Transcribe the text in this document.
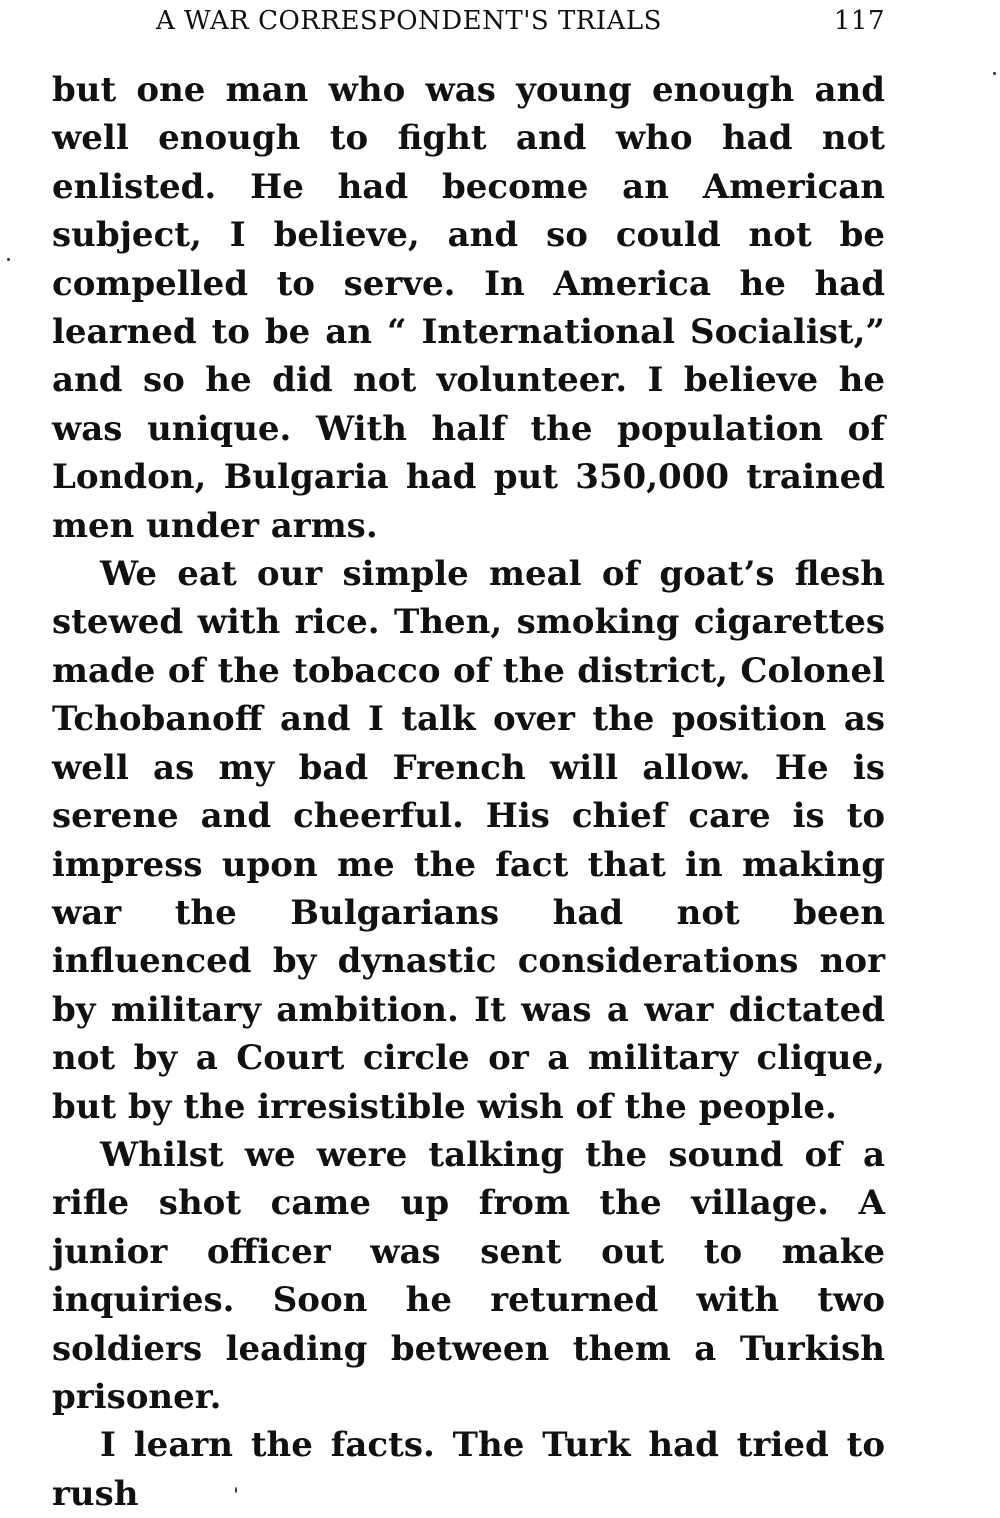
A WAR CORRESPONDENT'S TRIALS	117

but one man who was young enough and well enough to fight and who had not enlisted. He had become an American subject, I believe, and so could not be compelled to serve. In America he had learned to be an “ International Socialist,” and so he did not volunteer. I believe he was unique. With half the population of London, Bulgaria had put 350,000 trained men under arms.

We eat our simple meal of goat’s flesh stewed with rice. Then, smoking cigarettes made of the tobacco of the district, Colonel Tchobanoff and I talk over the position as well as my bad French will allow. He is serene and cheerful. His chief care is to impress upon me the fact that in making war the Bulgarians had not been influenced by dynastic considerations nor by military ambition. It was a war dictated not by a Court circle or a military clique, but by the irresistible wish of the people.

Whilst we were talking the sound of a rifle shot came up from the village. A junior officer was sent out to make inquiries. Soon he returned with two soldiers leading between them a Turkish prisoner.

I learn the facts. The Turk had tried to rush
